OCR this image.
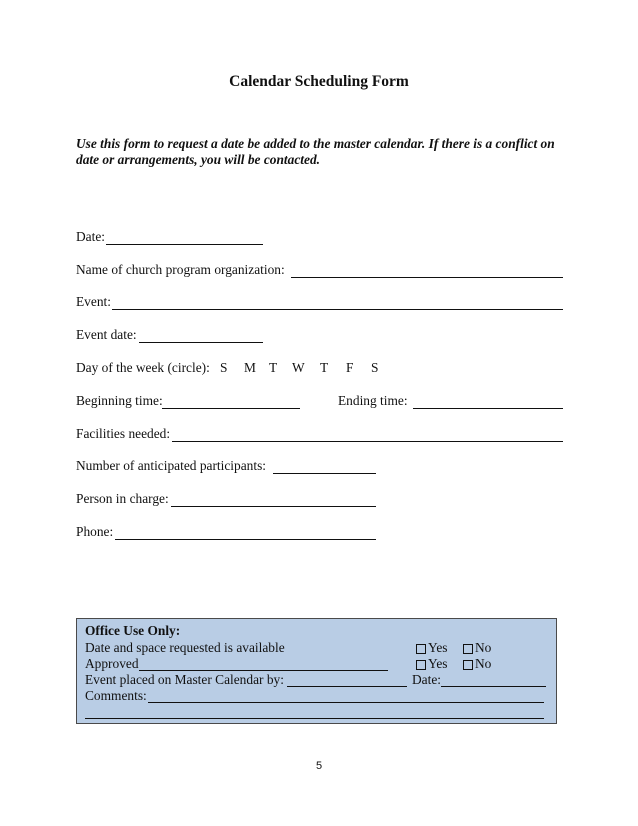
Calendar Scheduling Form
Use this form to request a date be added to the master calendar. If there is a conflict on date or arrangements, you will be contacted.
Date:
Name of church program organization:
Event:
Event date:
Day of the week (circle): S M T W T F S
Beginning time:	Ending time:
Facilities needed:
Number of anticipated participants:
Person in charge:
Phone:
Office Use Only:
Date and space requested is available	Yes No
Approved	Yes No
Event placed on Master Calendar by:	Date:
Comments:
5
